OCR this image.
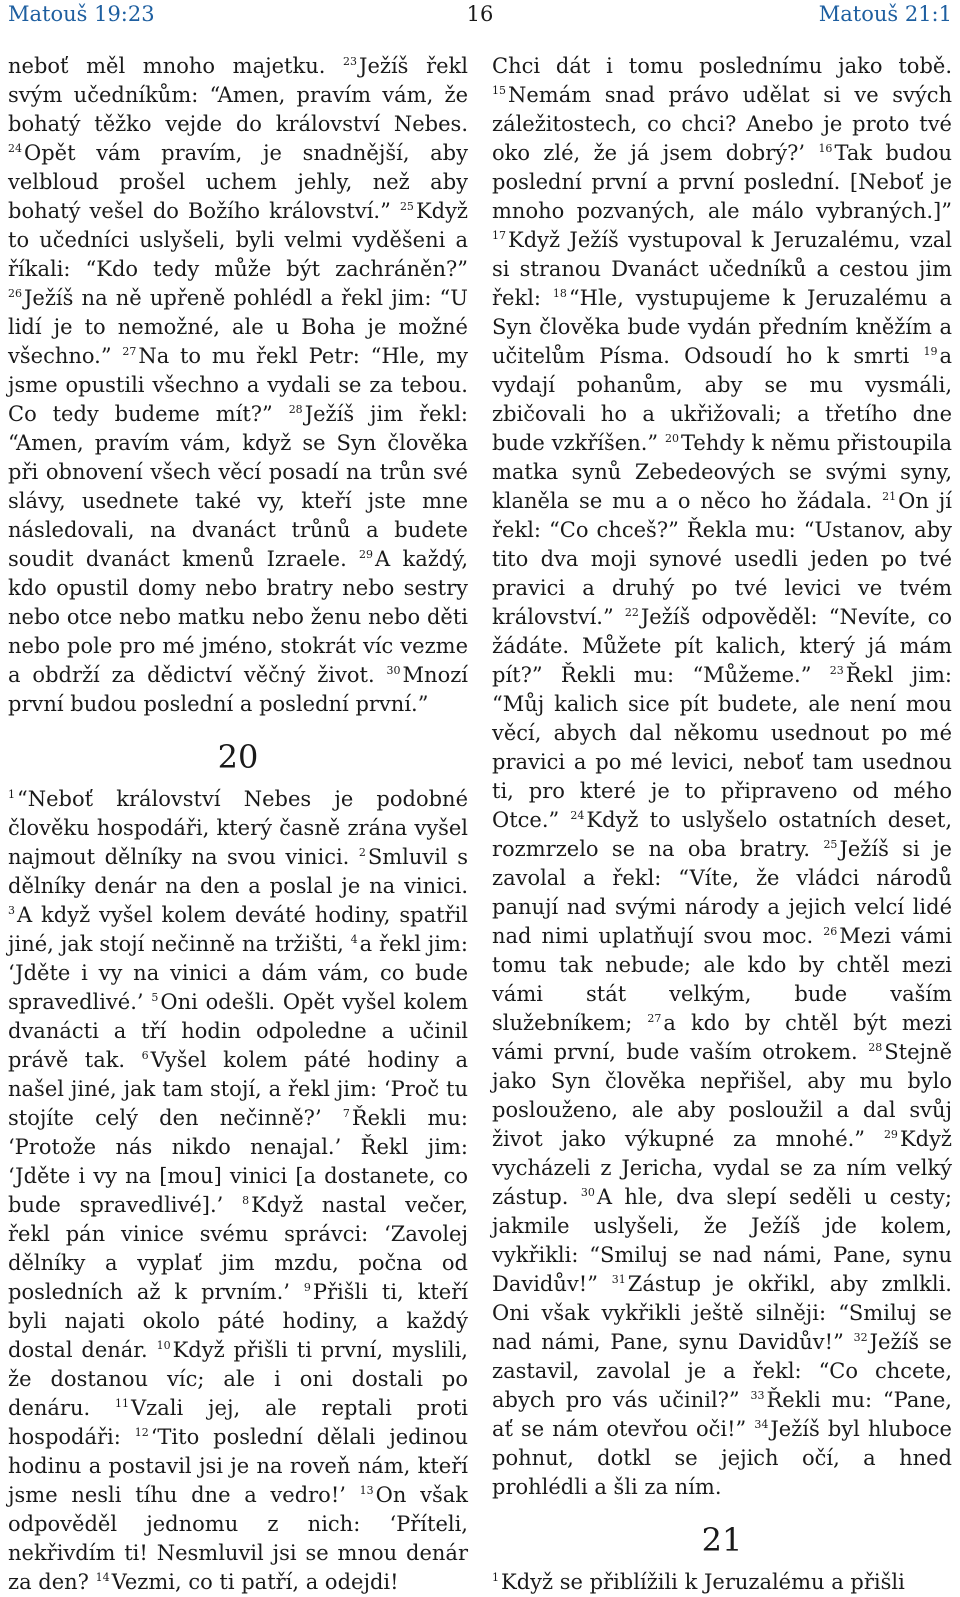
Matouš 19:23	16	Matouš 21:1

neboť měl mnoho majetku. $^{23}$Ježíš řekl svým učedníkům: “Amen, pravím vám, že bohatý těžko vejde do království Nebes. $^{24}$Opět vám pravím, je snadnější, aby velbloud prošel uchem jehly, než aby bohatý vešel do Božího království.” $^{25}$Když to učedníci uslyšeli, byli velmi vyděšeni a říkali: “Kdo tedy může být zachráněn?” $^{26}$Ježíš na ně upřeně pohlédl a řekl jim: “U lidí je to nemožné, ale u Boha je možné všechno.” $^{27}$Na to mu řekl Petr: “Hle, my jsme opustili všechno a vydali se za tebou. Co tedy budeme mít?” $^{28}$Ježíš jim řekl: “Amen, pravím vám, když se Syn člověka při obnovení všech věcí posadí na trůn své slávy, usednete také vy, kteří jste mne následovali, na dvanáct trůnů a budete soudit dvanáct kmenů Izraele. $^{29}$A každý, kdo opustil domy nebo bratry nebo sestry nebo otce nebo matku nebo ženu nebo děti nebo pole pro mé jméno, stokrát víc vezme a obdrží za dědictví věčný život. $^{30}$Mnozí první budou poslední a poslední první.”

20

$^1$“Neboť království Nebes je podobné člověku hospodáři, který časně zrána vyšel najmout dělníky na svou vinici. $^2$Smluvil s dělníky denár na den a poslal je na vinici. $^3$A když vyšel kolem deváté hodiny, spatřil jiné, jak stojí nečinně na tržišti, $^4$a řekl jim: ‘Jděte i vy na vinici a dám vám, co bude spravedlivé.’ $^5$Oni odešli. Opět vyšel kolem dvanácti a tří hodin odpoledne a učinil právě tak. $^6$Vyšel kolem páté hodiny a našel jiné, jak tam stojí, a řekl jim: ‘Proč tu stojíte celý den nečinně?’ $^7$Řekli mu: ‘Protože nás nikdo nenajal.’ Řekl jim: ‘Jděte i vy na [mou] vinici [a dostanete, co bude spravedlivé].’ $^8$Když nastal večer, řekl pán vinice svému správci: ‘Zavolej dělníky a vyplať jim mzdu, počna od posledních až k prvním.’ $^9$Přišli ti, kteří byli najati okolo páté hodiny, a každý dostal denár. $^{10}$Když přišli ti první, myslili, že dostanou víc; ale i oni dostali po denáru. $^{11}$Vzali jej, ale reptali proti hospodáři: $^{12}$‘Tito poslední dělali jedinou hodinu a postavil jsi je na roveň nám, kteří jsme nesli tíhu dne a vedro!’ $^{13}$On však odpověděl jednomu z nich: ‘Příteli, nekřivdím ti! Nesmluvil jsi se mnou denár za den? $^{14}$Vezmi, co ti patří, a odejdi!

Chci dát i tomu poslednímu jako tobě. $^{15}$Nemám snad právo udělat si ve svých záležitostech, co chci? Anebo je proto tvé oko zlé, že já jsem dobrý?’ $^{16}$Tak budou poslední první a první poslední. [Neboť je mnoho pozvaných, ale málo vybraných.]” $^{17}$Když Ježíš vystupoval k Jeruzalému, vzal si stranou Dvanáct učedníků a cestou jim řekl: $^{18}$“Hle, vystupujeme k Jeruzalému a Syn člověka bude vydán předním kněžím a učitelům Písma. Odsoudí ho k smrti $^{19}$a vydají pohanům, aby se mu vysmáli, zbičovali ho a ukřižovali; a třetího dne bude vzkříšen.” $^{20}$Tehdy k němu přistoupila matka synů Zebedeových se svými syny, klaněla se mu a o něco ho žádala. $^{21}$On jí řekl: “Co chceš?” Řekla mu: “Ustanov, aby tito dva moji synové usedli jeden po tvé pravici a druhý po tvé levici ve tvém království.” $^{22}$Ježíš odpověděl: “Nevíte, co žádáte. Můžete pít kalich, který já mám pít?” Řekli mu: “Můžeme.” $^{23}$Řekl jim: “Můj kalich sice pít budete, ale není mou věcí, abych dal někomu usednout po mé pravici a po mé levici, neboť tam usednou ti, pro které je to připraveno od mého Otce.” $^{24}$Když to uslyšelo ostatních deset, rozmrzelo se na oba bratry. $^{25}$Ježíš si je zavolal a řekl: “Víte, že vládci národů panují nad svými národy a jejich velcí lidé nad nimi uplatňují svou moc. $^{26}$Mezi vámi tomu tak nebude; ale kdo by chtěl mezi vámi stát velkým, bude vaším služebníkem; $^{27}$a kdo by chtěl být mezi vámi první, bude vaším otrokem. $^{28}$Stejně jako Syn člověka nepřišel, aby mu bylo poslouženo, ale aby posloužil a dal svůj život jako výkupné za mnohé.” $^{29}$Když vycházeli z Jericha, vydal se za ním velký zástup. $^{30}$A hle, dva slepí seděli u cesty; jakmile uslyšeli, že Ježíš jde kolem, vykřikli: “Smiluj se nad námi, Pane, synu Davidův!” $^{31}$Zástup je okřikl, aby zmlkli. Oni však vykřikli ještě silněji: “Smiluj se nad námi, Pane, synu Davidův!” $^{32}$Ježíš se zastavil, zavolal je a řekl: “Co chcete, abych pro vás učinil?” $^{33}$Řekli mu: “Pane, ať se nám otevřou oči!” $^{34}$Ježíš byl hluboce pohnut, dotkl se jejich očí, a hned prohlédli a šli za ním.

21

$^1$Když se přiblížili k Jeruzalému a přišli
